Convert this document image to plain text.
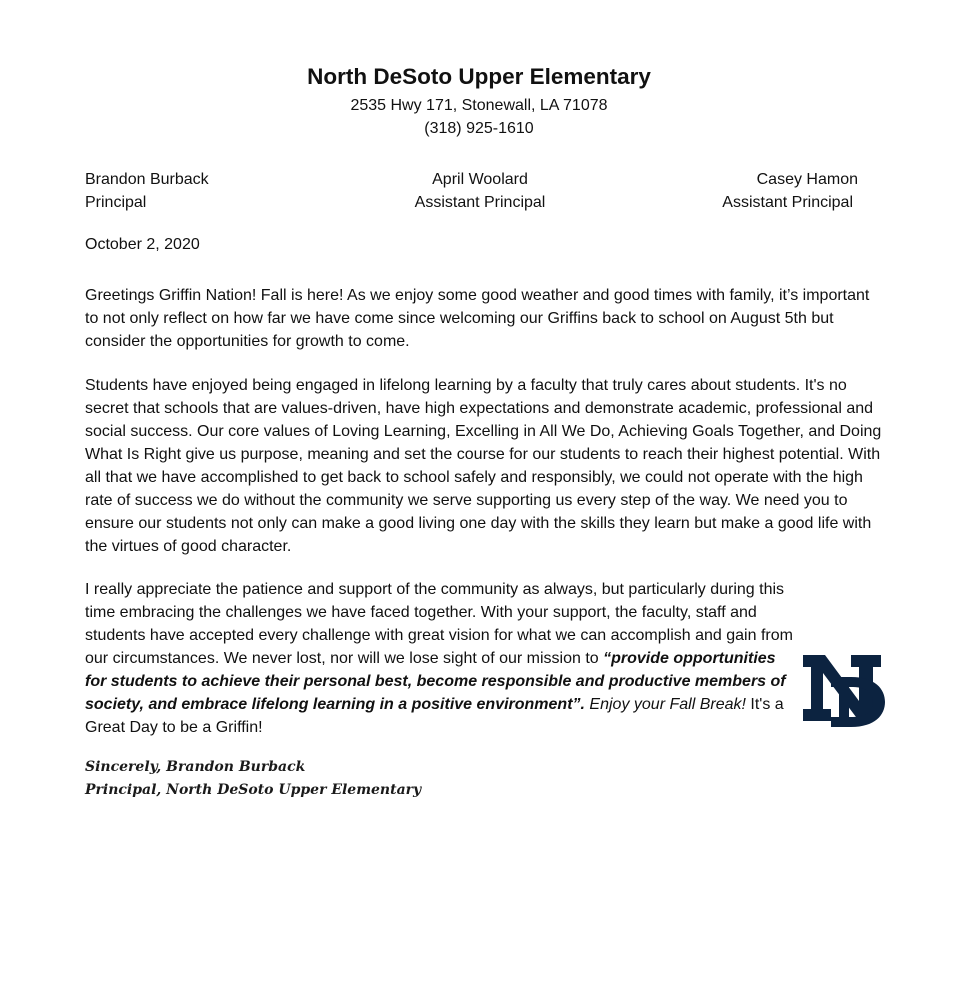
North DeSoto Upper Elementary
2535 Hwy 171, Stonewall, LA 71078
(318) 925-1610
Brandon Burback
Principal
April Woolard
Assistant Principal
Casey Hamon
Assistant Principal
October 2, 2020

Greetings Griffin Nation! Fall is here! As we enjoy some good weather and good times with family, it’s important to not only reflect on how far we have come since welcoming our Griffins back to school on August 5th but consider the opportunities for growth to come.

Students have enjoyed being engaged in lifelong learning by a faculty that truly cares about students. It's no secret that schools that are values-driven, have high expectations and demonstrate academic, professional and social success. Our core values of Loving Learning, Excelling in All We Do, Achieving Goals Together, and Doing What Is Right give us purpose, meaning and set the course for our students to reach their highest potential. With all that we have accomplished to get back to school safely and responsibly, we could not operate with the high rate of success we do without the community we serve supporting us every step of the way. We need you to ensure our students not only can make a good living one day with the skills they learn but make a good life with the virtues of good character.

I really appreciate the patience and support of the community as always, but particularly during this time embracing the challenges we have faced together. With your support, the faculty, staff and students have accepted every challenge with great vision for what we can accomplish and gain from our circumstances. We never lost, nor will we lose sight of our mission to “provide opportunities for students to achieve their personal best, become responsible and productive members of society, and embrace lifelong learning in a positive environment”. Enjoy your Fall Break! It's a Great Day to be a Griffin!

Sincerely, Brandon Burback
Principal, North DeSoto Upper Elementary
